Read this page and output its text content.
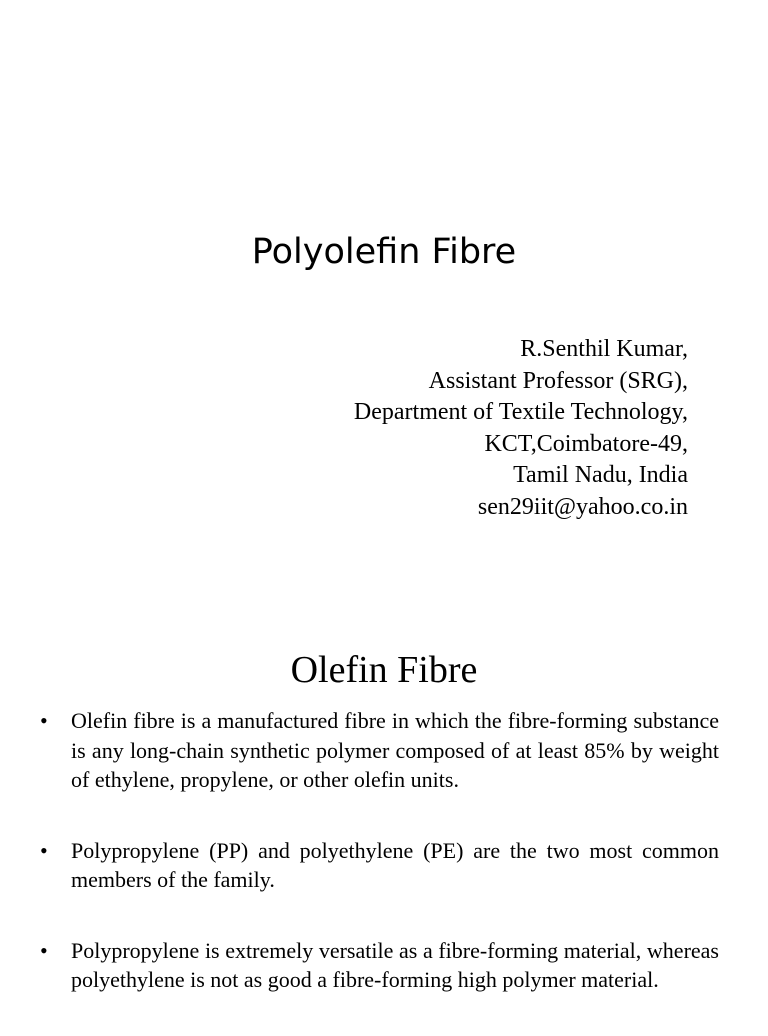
Polyolefin Fibre
R.Senthil Kumar,
Assistant Professor (SRG),
Department of Textile Technology,
KCT,Coimbatore-49,
Tamil Nadu, India
sen29iit@yahoo.co.in
Olefin Fibre
• Olefin fibre is a manufactured fibre in which the fibre-forming substance is any long-chain synthetic polymer composed of at least 85% by weight of ethylene, propylene, or other olefin units.
• Polypropylene (PP) and polyethylene (PE) are the two most common members of the family.
• Polypropylene is extremely versatile as a fibre-forming material, whereas polyethylene is not as good a fibre-forming high polymer material.
